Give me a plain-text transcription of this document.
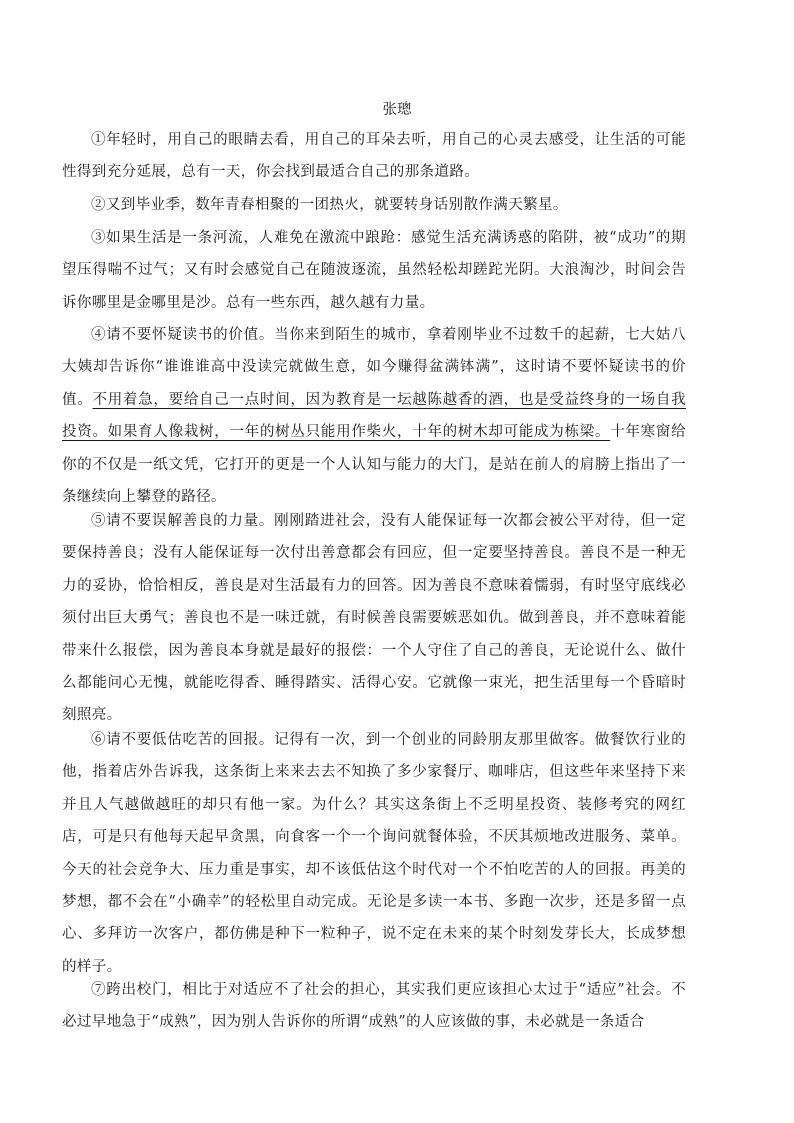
张璁

①年轻时，用自己的眼睛去看，用自己的耳朵去听，用自己的心灵去感受，让生活的可能性得到充分延展，总有一天，你会找到最适合自己的那条道路。

②又到毕业季，数年青春相聚的一团热火，就要转身话别散作满天繁星。

③如果生活是一条河流，人难免在激流中踉跄：感觉生活充满诱惑的陷阱，被“成功”的期望压得喘不过气；又有时会感觉自己在随波逐流，虽然轻松却蹉跎光阴。大浪淘沙，时间会告诉你哪里是金哪里是沙。总有一些东西，越久越有力量。

④请不要怀疑读书的价值。当你来到陌生的城市，拿着刚毕业不过数千的起薪，七大姑八大姨却告诉你“谁谁谁高中没读完就做生意，如今赚得盆满钵满”，这时请不要怀疑读书的价值。不用着急，要给自己一点时间，因为教育是一坛越陈越香的酒，也是受益终身的一场自我投资。如果育人像栽树，一年的树丛只能用作柴火，十年的树木却可能成为栋梁。十年寒窗给你的不仅是一纸文凭，它打开的更是一个人认知与能力的大门，是站在前人的肩膀上指出了一条继续向上攀登的路径。

⑤请不要误解善良的力量。刚刚踏进社会，没有人能保证每一次都会被公平对待，但一定要保持善良；没有人能保证每一次付出善意都会有回应，但一定要坚持善良。善良不是一种无力的妥协，恰恰相反，善良是对生活最有力的回答。因为善良不意味着懦弱，有时坚守底线必须付出巨大勇气；善良也不是一味迁就，有时候善良需要嫉恶如仇。做到善良，并不意味着能带来什么报偿，因为善良本身就是最好的报偿：一个人守住了自己的善良，无论说什么、做什么都能问心无愧，就能吃得香、睡得踏实、活得心安。它就像一束光，把生活里每一个昏暗时刻照亮。

⑥请不要低估吃苦的回报。记得有一次，到一个创业的同龄朋友那里做客。做餐饮行业的他，指着店外告诉我，这条街上来来去去不知换了多少家餐厅、咖啡店，但这些年来坚持下来并且人气越做越旺的却只有他一家。为什么？其实这条街上不乏明星投资、装修考究的网红店，可是只有他每天起早贪黑，向食客一个一个询问就餐体验，不厌其烦地改进服务、菜单。今天的社会竞争大、压力重是事实，却不该低估这个时代对一个不怕吃苦的人的回报。再美的梦想，都不会在“小确幸”的轻松里自动完成。无论是多读一本书、多跑一次步，还是多留一点心、多拜访一次客户，都仿佛是种下一粒种子，说不定在未来的某个时刻发芽长大，长成梦想的样子。

⑦跨出校门，相比于对适应不了社会的担心，其实我们更应该担心太过于“适应”社会。不必过早地急于“成熟”，因为别人告诉你的所谓“成熟”的人应该做的事，未必就是一条适合
